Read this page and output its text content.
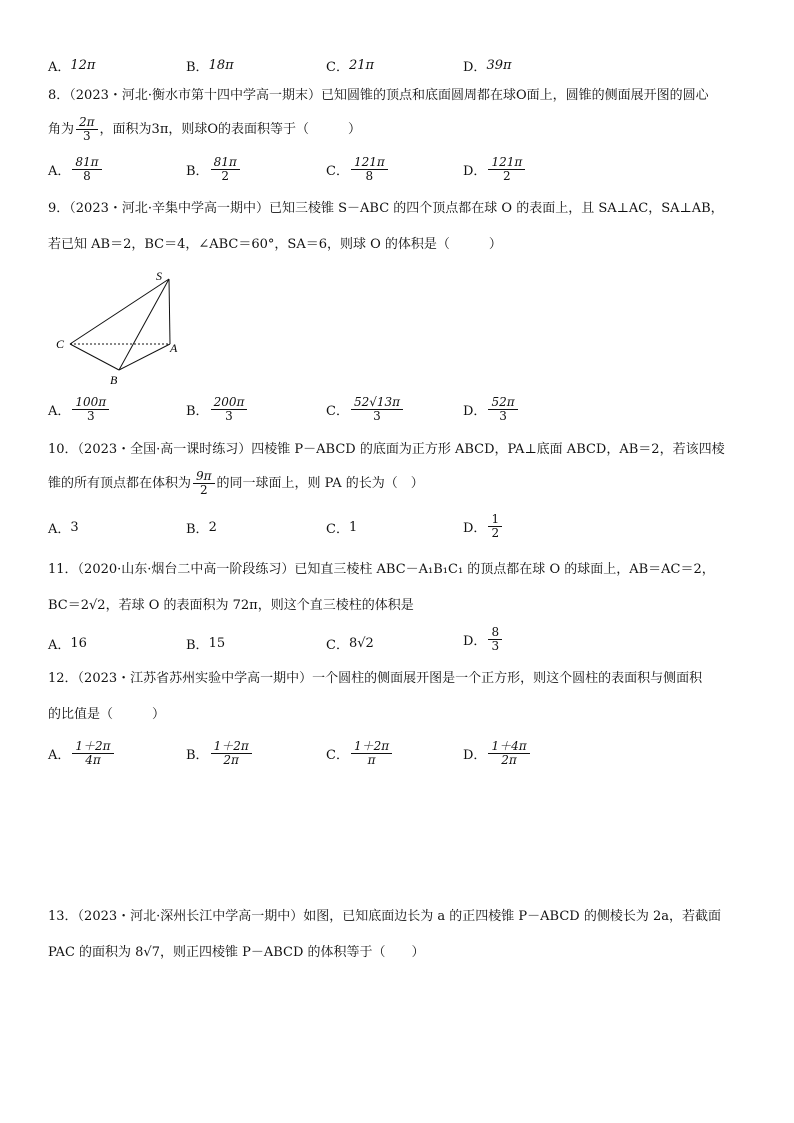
A． 12π	B． 18π	C． 21π	D． 39π
8．（2023・河北·衡水市第十四中学高一期末）已知圆锥的顶点和底面圆周都在球O面上，圆锥的侧面展开图的圆心
角为 $\frac{2\pi}{3}$ ，面积为3π，则球O的表面积等于（　　　）
A． $\frac{81\pi}{8}$	B． $\frac{81\pi}{2}$	C． $\frac{121\pi}{8}$	D． $\frac{121\pi}{2}$
9．（2023・河北·辛集中学高一期中）已知三棱锥 S－ABC 的四个顶点都在球 O 的表面上，且 SA⊥AC，SA⊥AB，
若已知 AB＝2，BC＝4，∠ABC＝60°，SA＝6，则球 O 的体积是（　　　）
S
C	A
B
A． $\frac{100\pi}{3}$	B． $\frac{200\pi}{3}$	C． $\frac{52√13\pi}{3}$	D． $\frac{52\pi}{3}$
10．（2023・全国·高一课时练习）四棱锥 P－ABCD 的底面为正方形 ABCD，PA⊥底面 ABCD，AB＝2，若该四棱
锥的所有顶点都在体积为 $\frac{9\pi}{2}$ 的同一球面上，则 PA 的长为（　）
A． 3	B． 2	C． 1	D． $\frac{1}{2}$
11．（2020·山东·烟台二中高一阶段练习）已知直三棱柱 ABC－A₁B₁C₁ 的顶点都在球 O 的球面上，AB＝AC＝2，
BC＝2√2，若球 O 的表面积为 72π，则这个直三棱柱的体积是
A． 16	B． 15	C． 8√2	D． $\frac{8}{3}$
12．（2023・江苏省苏州实验中学高一期中）一个圆柱的侧面展开图是一个正方形，则这个圆柱的表面积与侧面积
的比值是（　　　）
A． $\frac{1+2\pi}{4\pi}$	B． $\frac{1+2\pi}{2\pi}$	C． $\frac{1+2\pi}{\pi}$	D． $\frac{1+4\pi}{2\pi}$
13．（2023・河北·深州长江中学高一期中）如图，已知底面边长为 a 的正四棱锥 P－ABCD 的侧棱长为 2a，若截面
PAC 的面积为 8√7，则正四棱锥 P－ABCD 的体积等于（　　）
